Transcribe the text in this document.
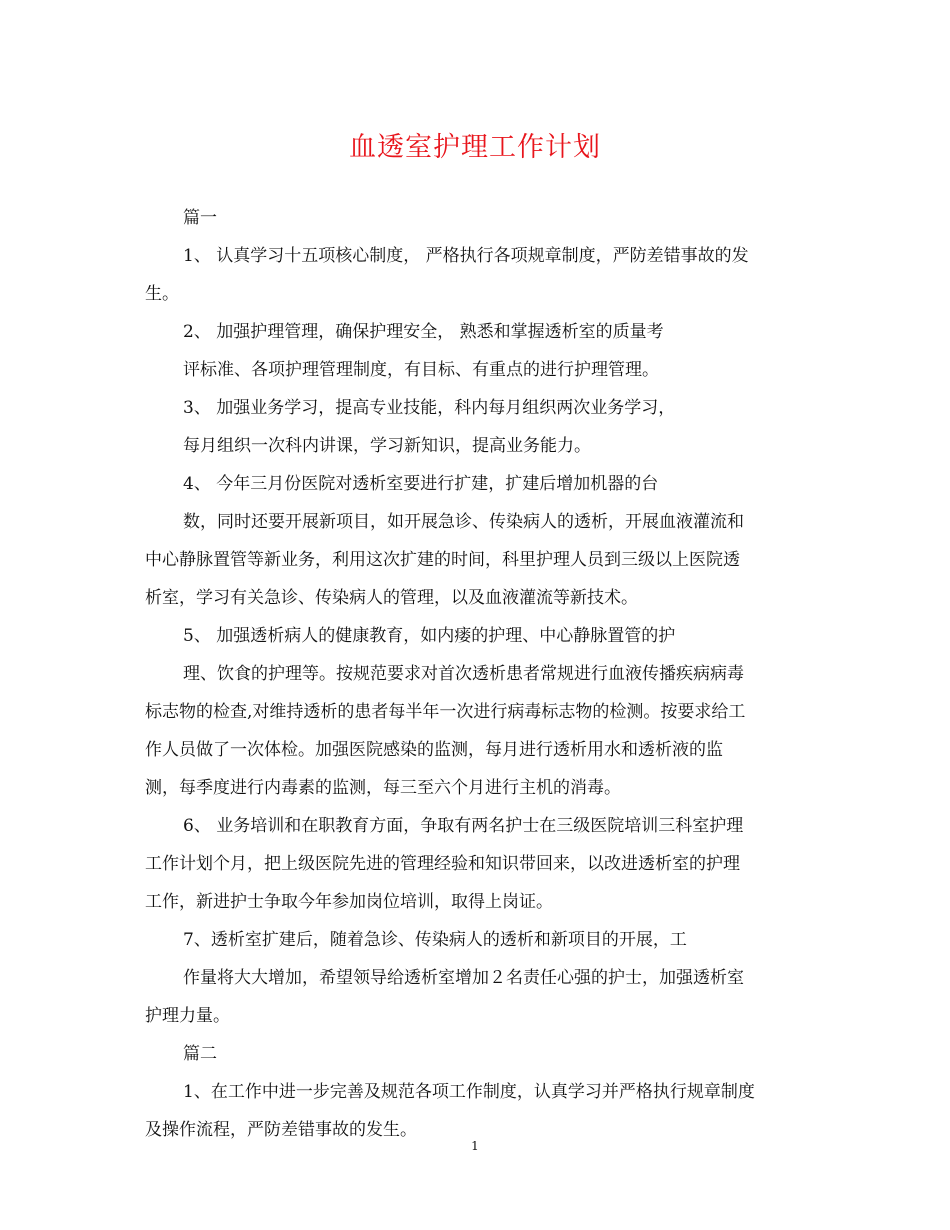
血透室护理工作计划

篇一

1、 认真学习十五项核心制度， 严格执行各项规章制度，严防差错事故的发

生。

2、 加强护理管理，确保护理安全， 熟悉和掌握透析室的质量考

评标准、各项护理管理制度，有目标、有重点的进行护理管理。

3、 加强业务学习，提高专业技能，科内每月组织两次业务学习，

每月组织一次科内讲课，学习新知识，提高业务能力。

4、 今年三月份医院对透析室要进行扩建，扩建后增加机器的台

数，同时还要开展新项目，如开展急诊、传染病人的透析，开展血液灌流和

中心静脉置管等新业务，利用这次扩建的时间，科里护理人员到三级以上医院透

析室，学习有关急诊、传染病人的管理，以及血液灌流等新技术。

5、 加强透析病人的健康教育，如内瘘的护理、中心静脉置管的护

理、饮食的护理等。按规范要求对首次透析患者常规进行血液传播疾病病毒

标志物的检查,对维持透析的患者每半年一次进行病毒标志物的检测。按要求给工

作人员做了一次体检。加强医院感染的监测，每月进行透析用水和透析液的监

测，每季度进行内毒素的监测，每三至六个月进行主机的消毒。

6、 业务培训和在职教育方面，争取有两名护士在三级医院培训三科室护理

工作计划个月，把上级医院先进的管理经验和知识带回来，以改进透析室的护理

工作，新进护士争取今年参加岗位培训，取得上岗证。

7、透析室扩建后，随着急诊、传染病人的透析和新项目的开展，工

作量将大大增加，希望领导给透析室增加２名责任心强的护士，加强透析室

护理力量。

篇二

1、在工作中进一步完善及规范各项工作制度，认真学习并严格执行规章制度

及操作流程，严防差错事故的发生。

1
